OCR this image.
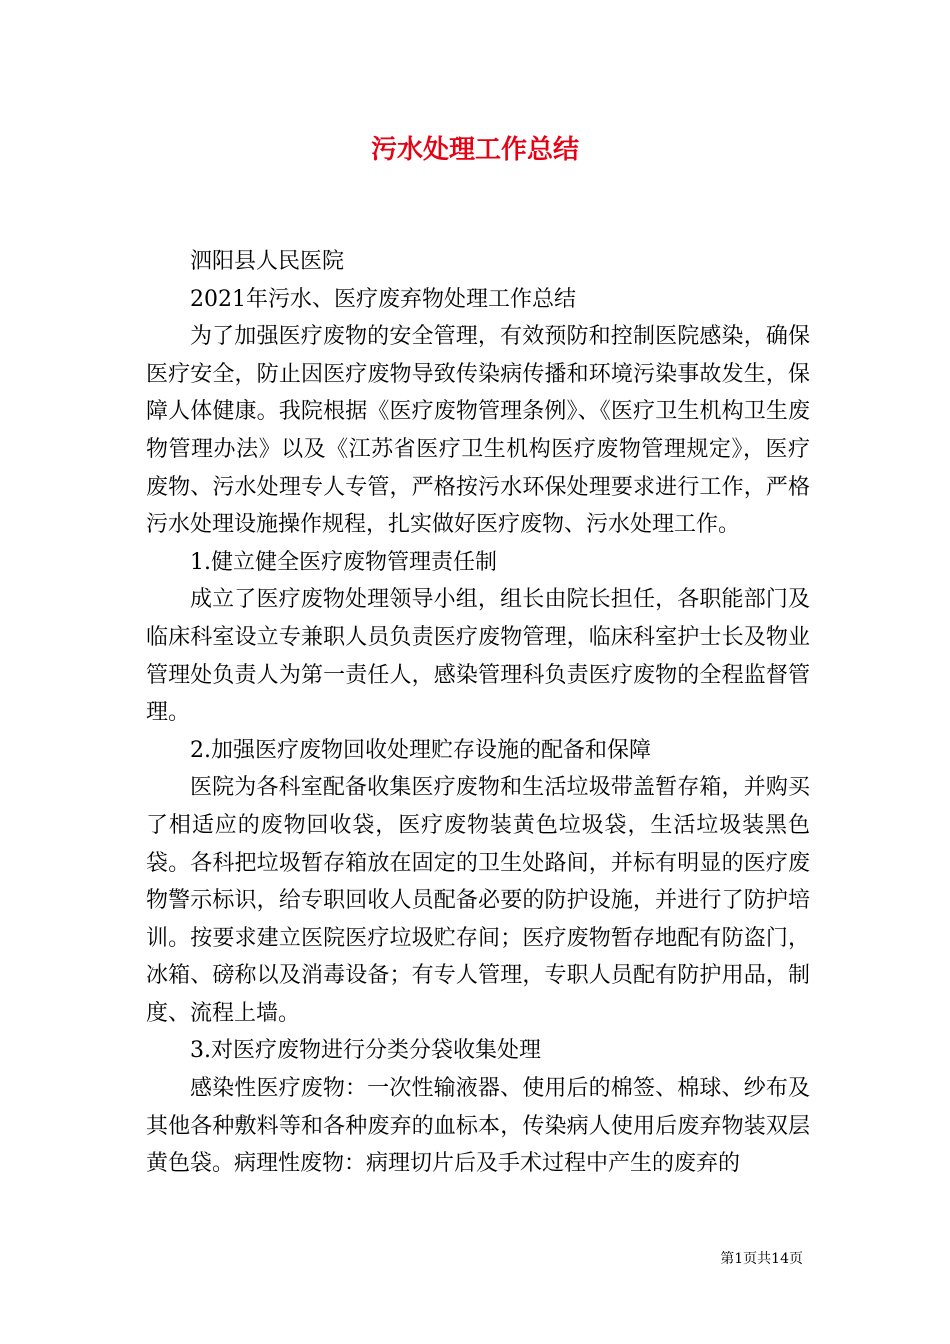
污水处理工作总结

泗阳县人民医院

2021年污水、医疗废弃物处理工作总结

为了加强医疗废物的安全管理，有效预防和控制医院感染，确保医疗安全，防止因医疗废物导致传染病传播和环境污染事故发生，保障人体健康。我院根据《医疗废物管理条例》、《医疗卫生机构卫生废物管理办法》以及《江苏省医疗卫生机构医疗废物管理规定》，医疗废物、污水处理专人专管，严格按污水环保处理要求进行工作，严格污水处理设施操作规程，扎实做好医疗废物、污水处理工作。

1.健立健全医疗废物管理责任制

成立了医疗废物处理领导小组，组长由院长担任，各职能部门及临床科室设立专兼职人员负责医疗废物管理，临床科室护士长及物业管理处负责人为第一责任人，感染管理科负责医疗废物的全程监督管理。

2.加强医疗废物回收处理贮存设施的配备和保障

医院为各科室配备收集医疗废物和生活垃圾带盖暂存箱，并购买了相适应的废物回收袋，医疗废物装黄色垃圾袋，生活垃圾装黑色袋。各科把垃圾暂存箱放在固定的卫生处路间，并标有明显的医疗废物警示标识，给专职回收人员配备必要的防护设施，并进行了防护培训。按要求建立医院医疗垃圾贮存间；医疗废物暂存地配有防盗门，冰箱、磅称以及消毒设备；有专人管理，专职人员配有防护用品，制度、流程上墙。

3.对医疗废物进行分类分袋收集处理

感染性医疗废物：一次性输液器、使用后的棉签、棉球、纱布及其他各种敷料等和各种废弃的血标本，传染病人使用后废弃物装双层黄色袋。病理性废物：病理切片后及手术过程中产生的废弃的

第1页共14页
